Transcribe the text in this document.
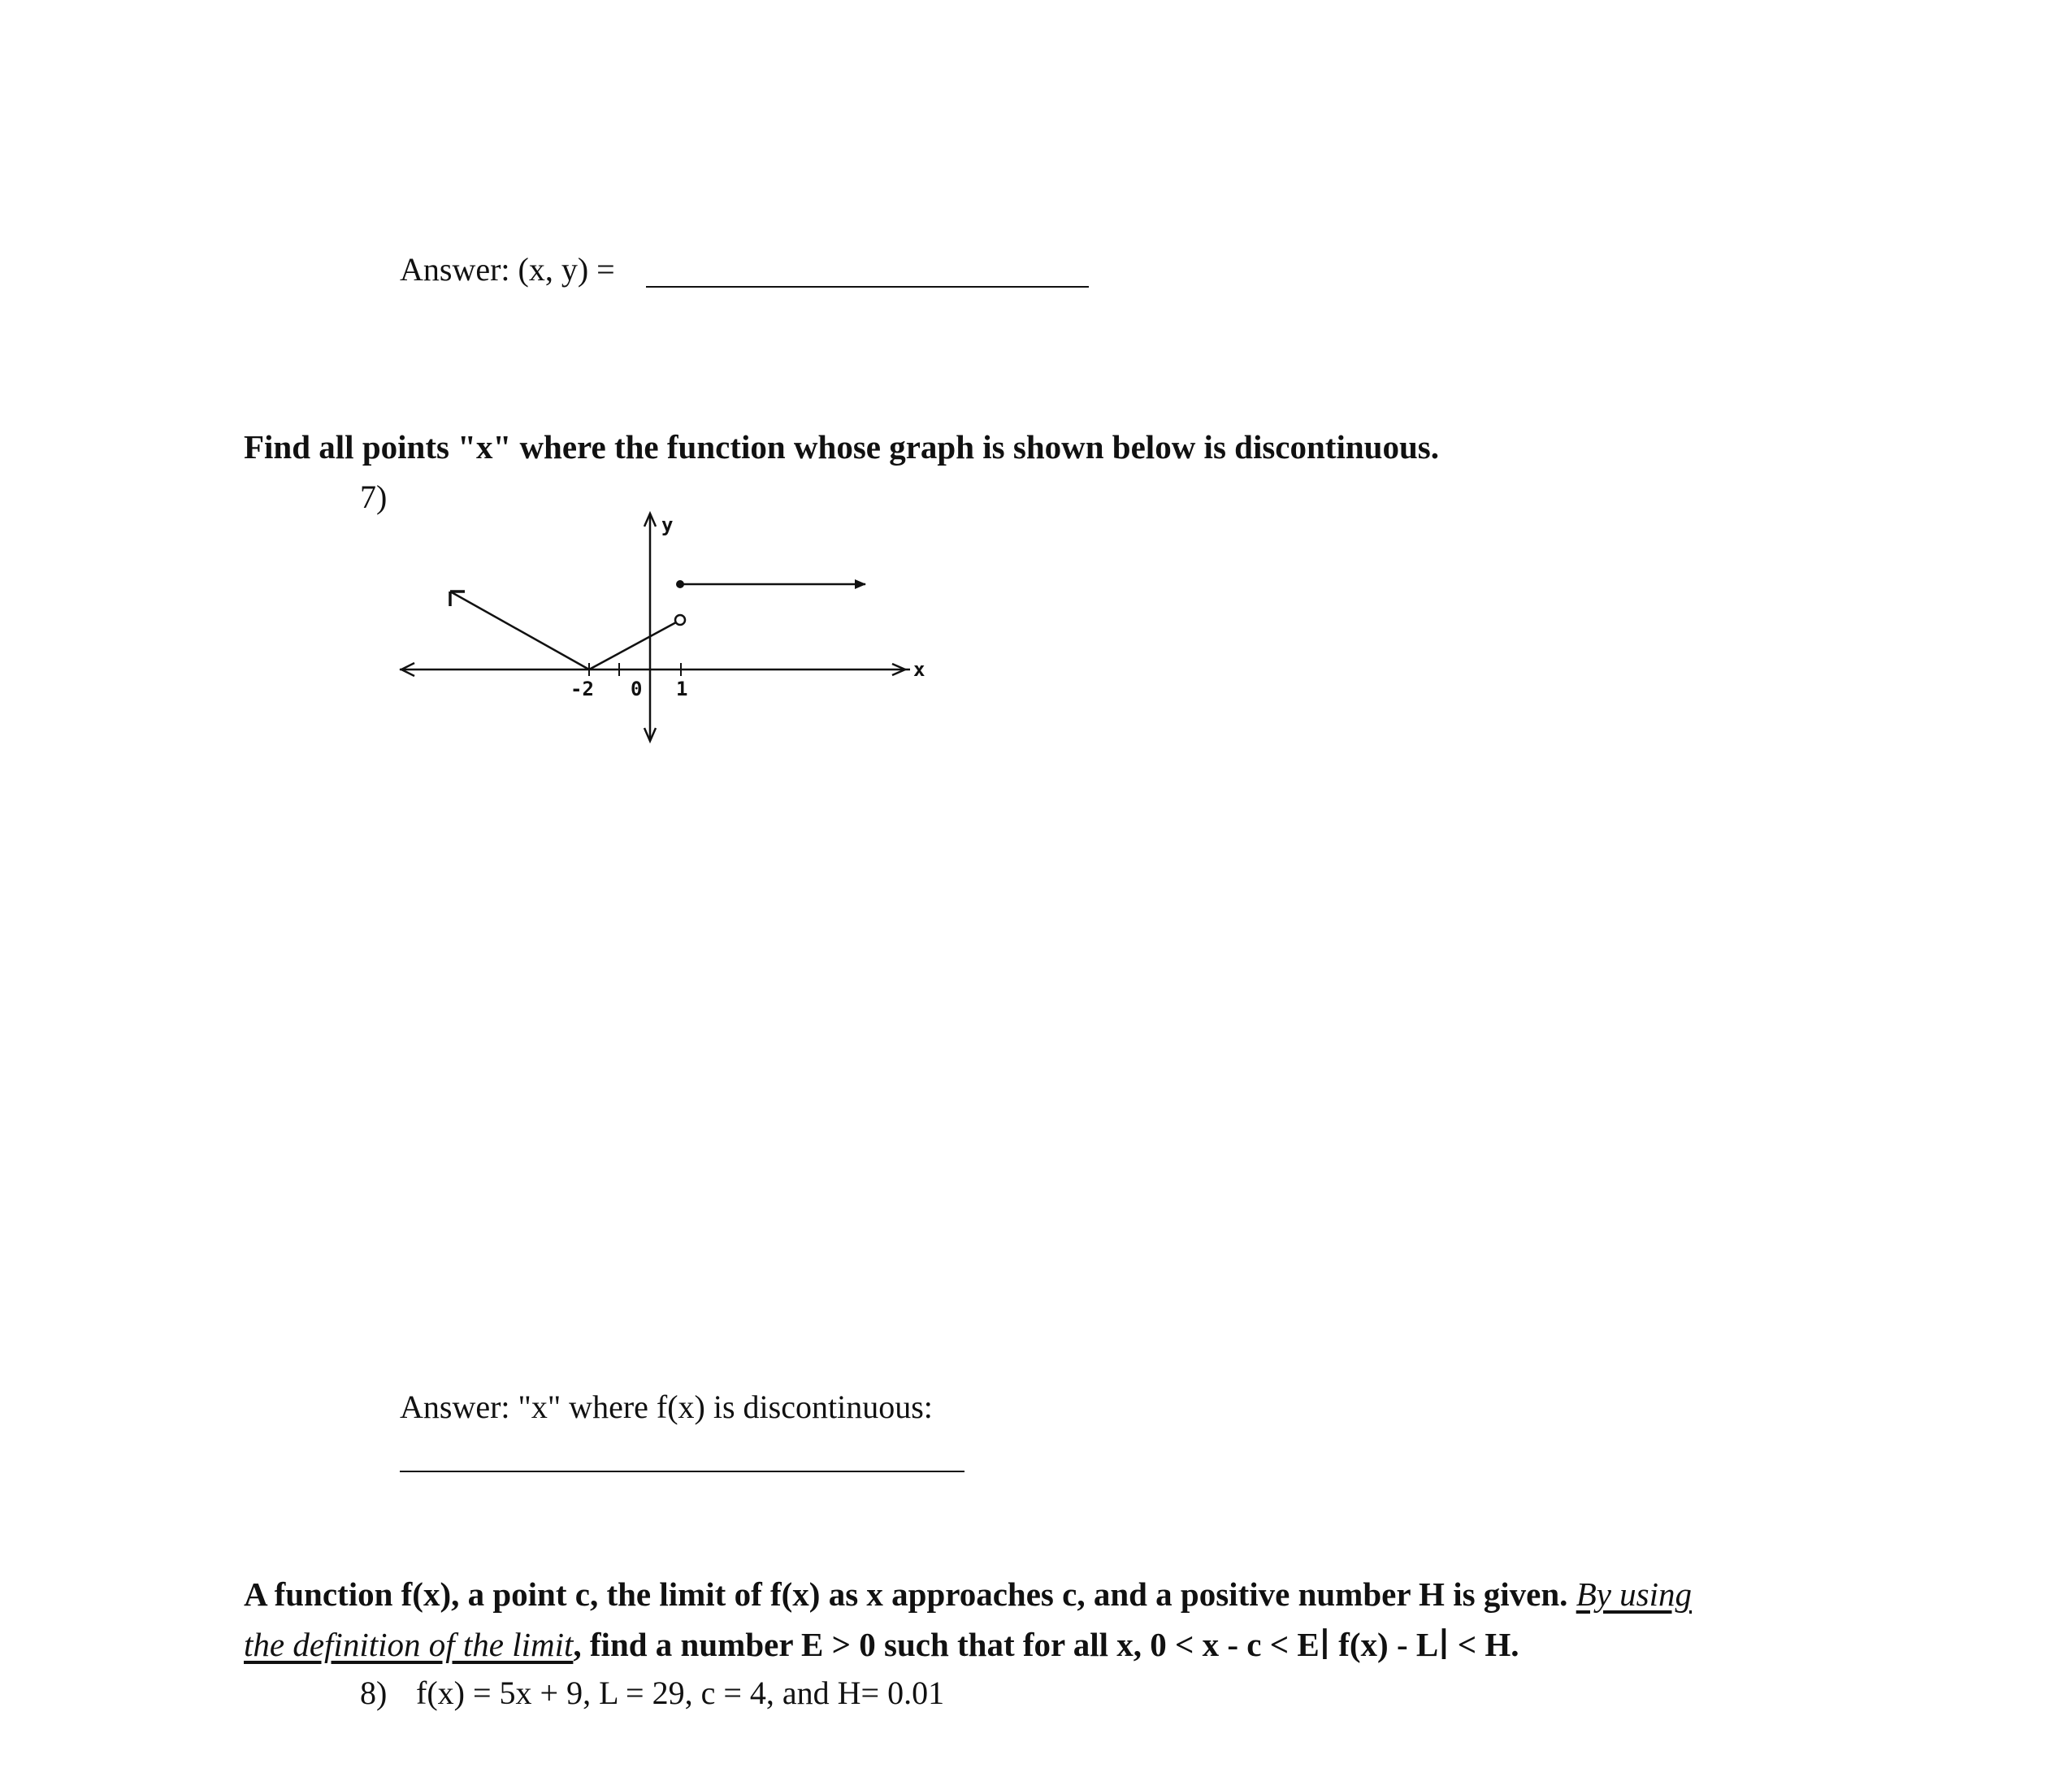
Answer: (x, y) =
Find all points "x" where the function whose graph is shown below is discontinuous.
7)
-2 0 1
x
y
Answer: "x" where f(x) is discontinuous:
A function f(x), a point c, the limit of f(x) as x approaches c, and a positive number H is given. By using
the definition of the limit, find a number E > 0 such that for all x, 0 < x - c < E∣ f(x) - L∣ < H.
8) f(x) = 5x + 9, L = 29, c = 4, and H= 0.01
